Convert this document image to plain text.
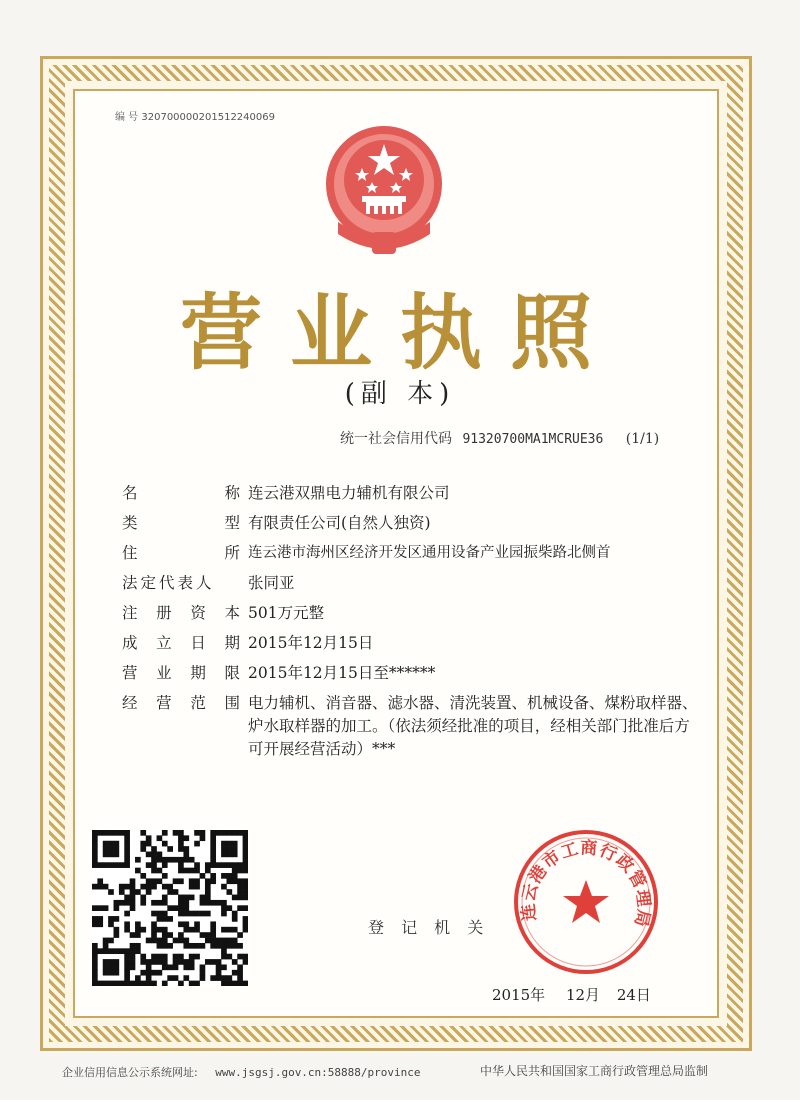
编 号 32070000020151224​0069
营业执照
(副 本)
统一社会信用代码 91320700MA1MCRUE36 (1/1)
名	称 连云港双鼎电力辅机有限公司
类	型 有限责任公司(自然人独资)
住	所 连云港市海州区经济开发区通用设备产业园振柴路北侧首
法定代表人	张同亚
注 册 资 本 501万元整
成 立 日 期 2015年12月15日
营 业 期 限 2015年12月15日至******
经 营 范 围 电力辅机、消音器、滤水器、清洗装置、机械设备、煤粉取样器、炉水取样器的加工。（依法须经批准的项目，经相关部门批准后方可开展经营活动）***
登 记 机 关
连云港市工商行政管理局
2015年 12月 24日
企业信用信息公示系统网址: www.jsgsj.gov.cn:58888/province	中华人民共和国国家工商行政管理总局监制
